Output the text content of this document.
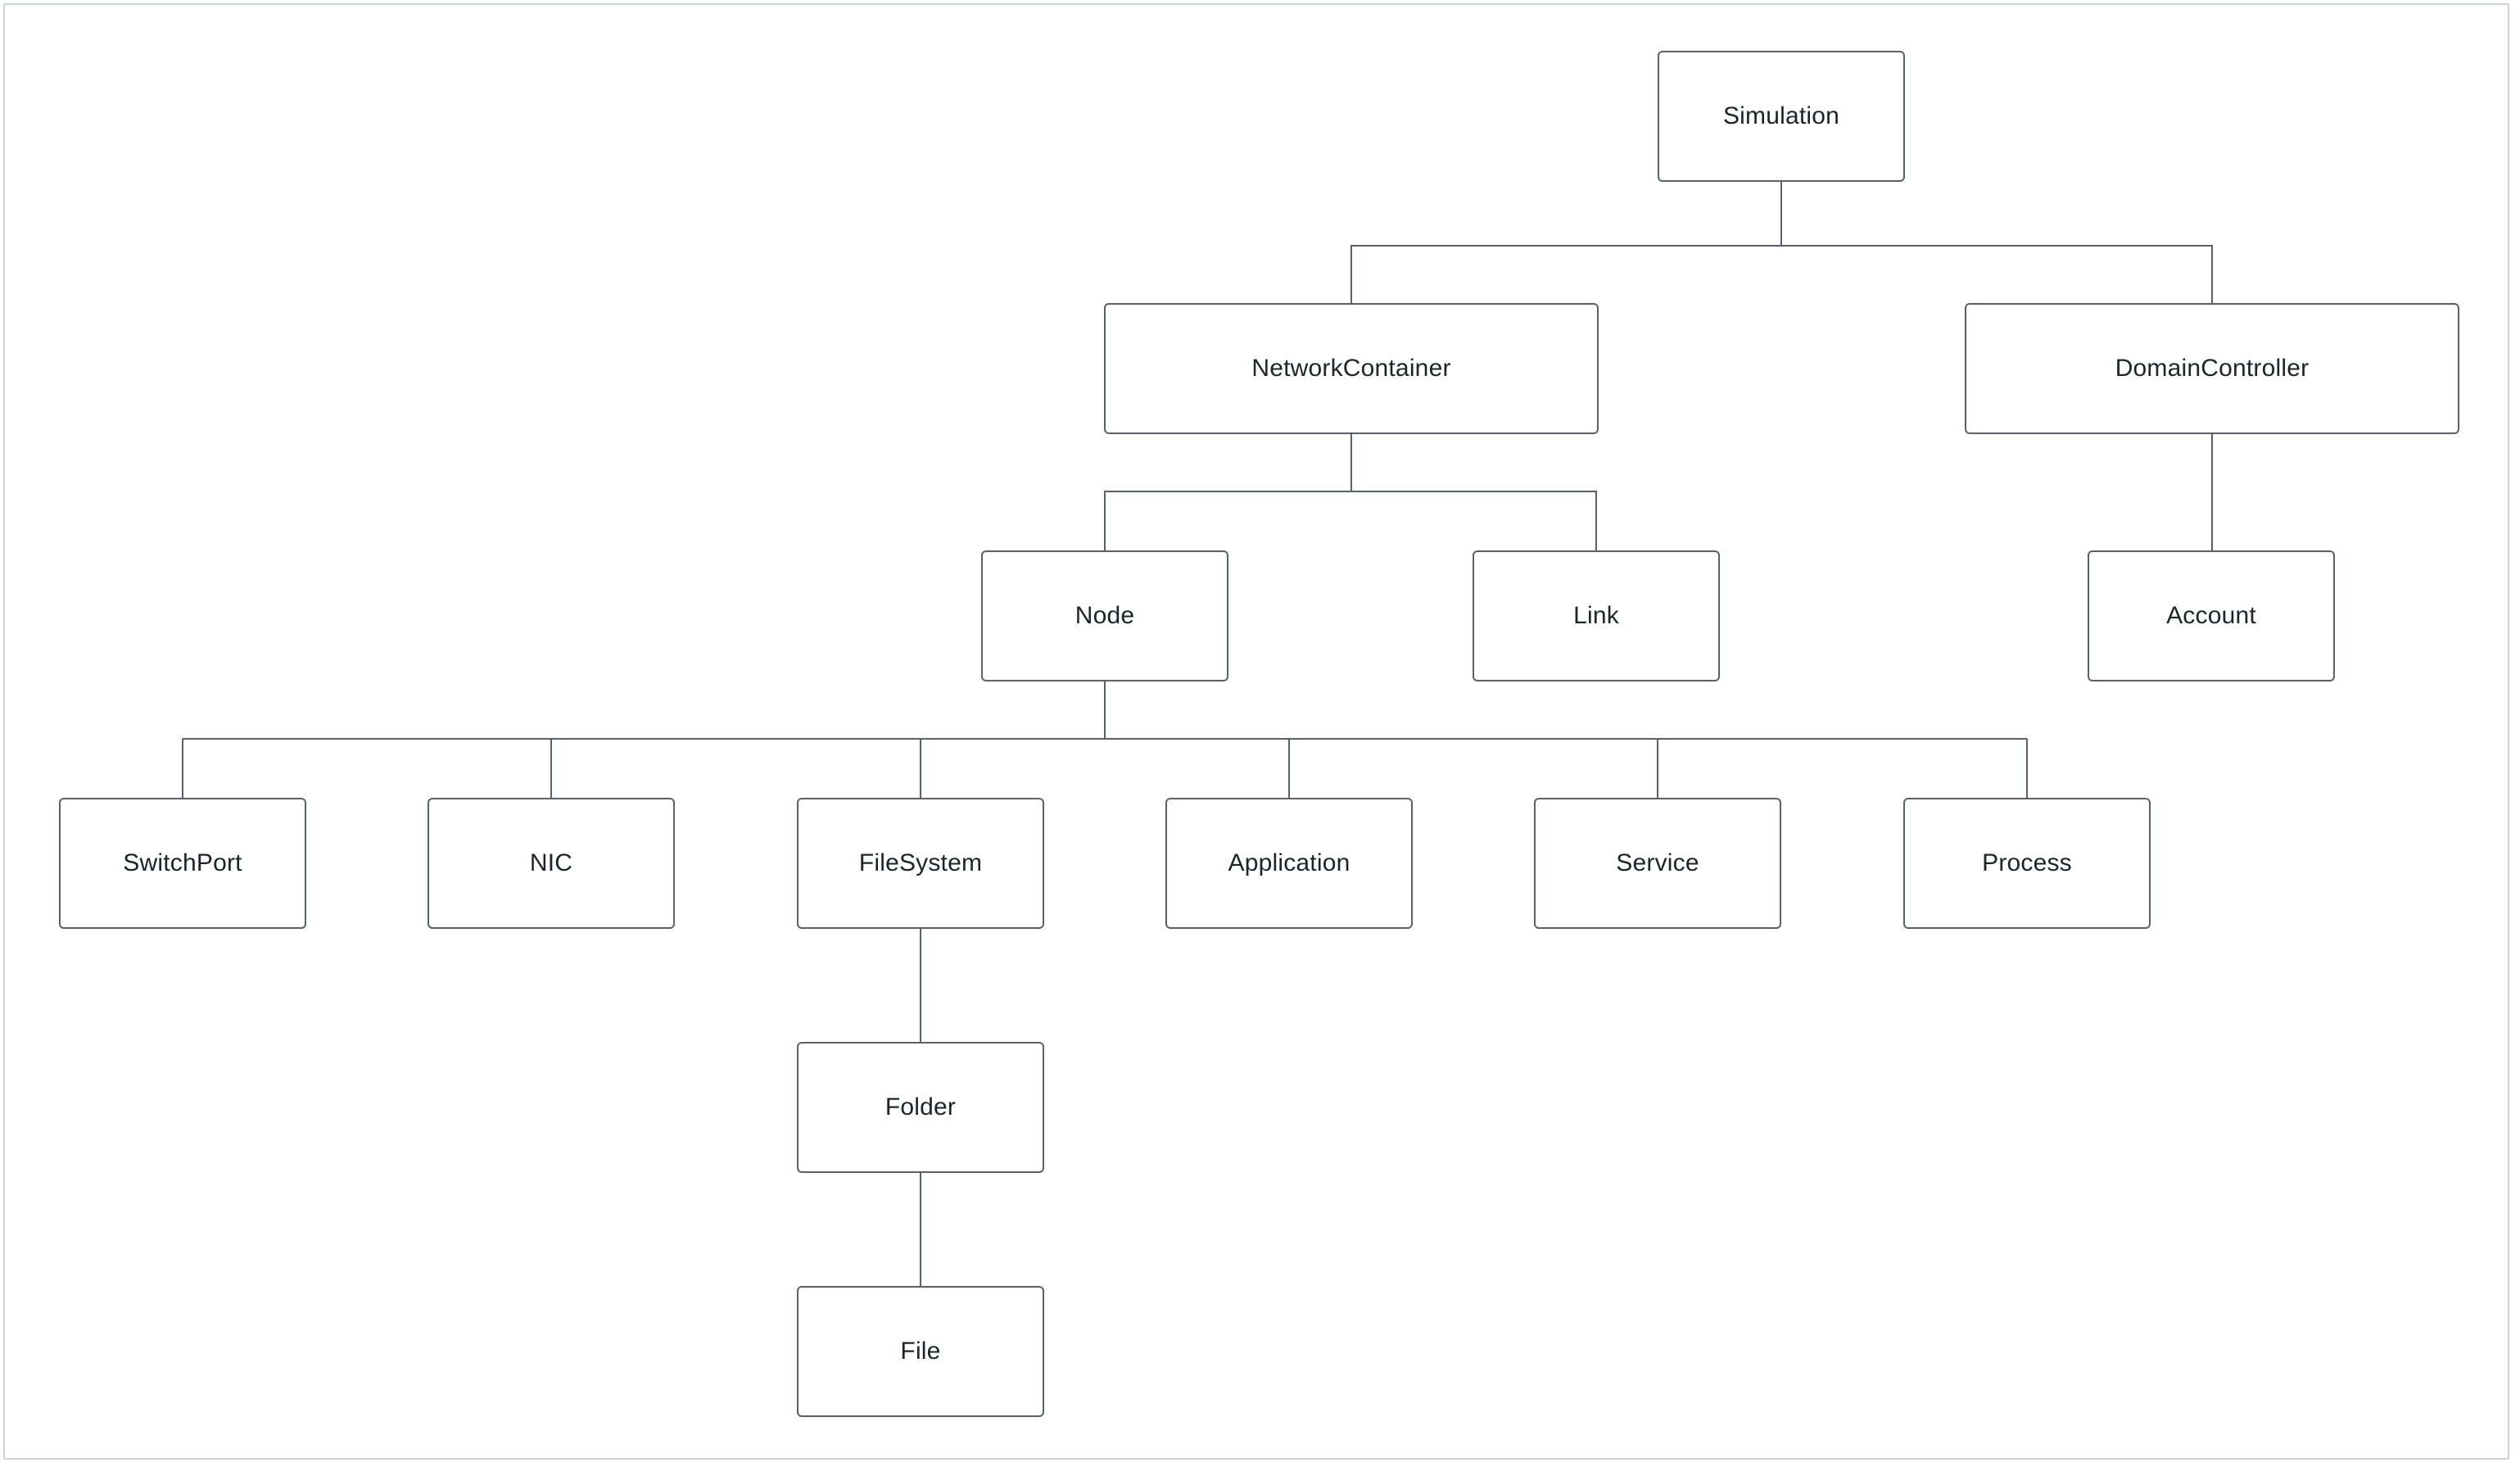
Simulation
NetworkContainer	DomainController
Node	Link	Account
SwitchPort	NIC	FileSystem	Application	Service	Process
Folder
File
